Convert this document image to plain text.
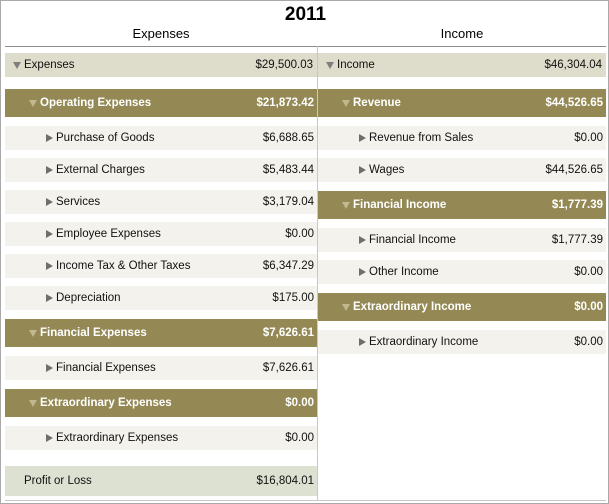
2011
Expenses	Income
Expenses	$29,500.03
Operating Expenses	$21,873.42
Purchase of Goods	$6,688.65
External Charges	$5,483.44
Services	$3,179.04
Employee Expenses	$0.00
Income Tax & Other Taxes	$6,347.29
Depreciation	$175.00
Financial Expenses	$7,626.61
Financial Expenses	$7,626.61
Extraordinary Expenses	$0.00
Extraordinary Expenses	$0.00
Profit or Loss	$16,804.01
Income	$46,304.04
Revenue	$44,526.65
Revenue from Sales	$0.00
Wages	$44,526.65
Financial Income	$1,777.39
Financial Income	$1,777.39
Other Income	$0.00
Extraordinary Income	$0.00
Extraordinary Income	$0.00
